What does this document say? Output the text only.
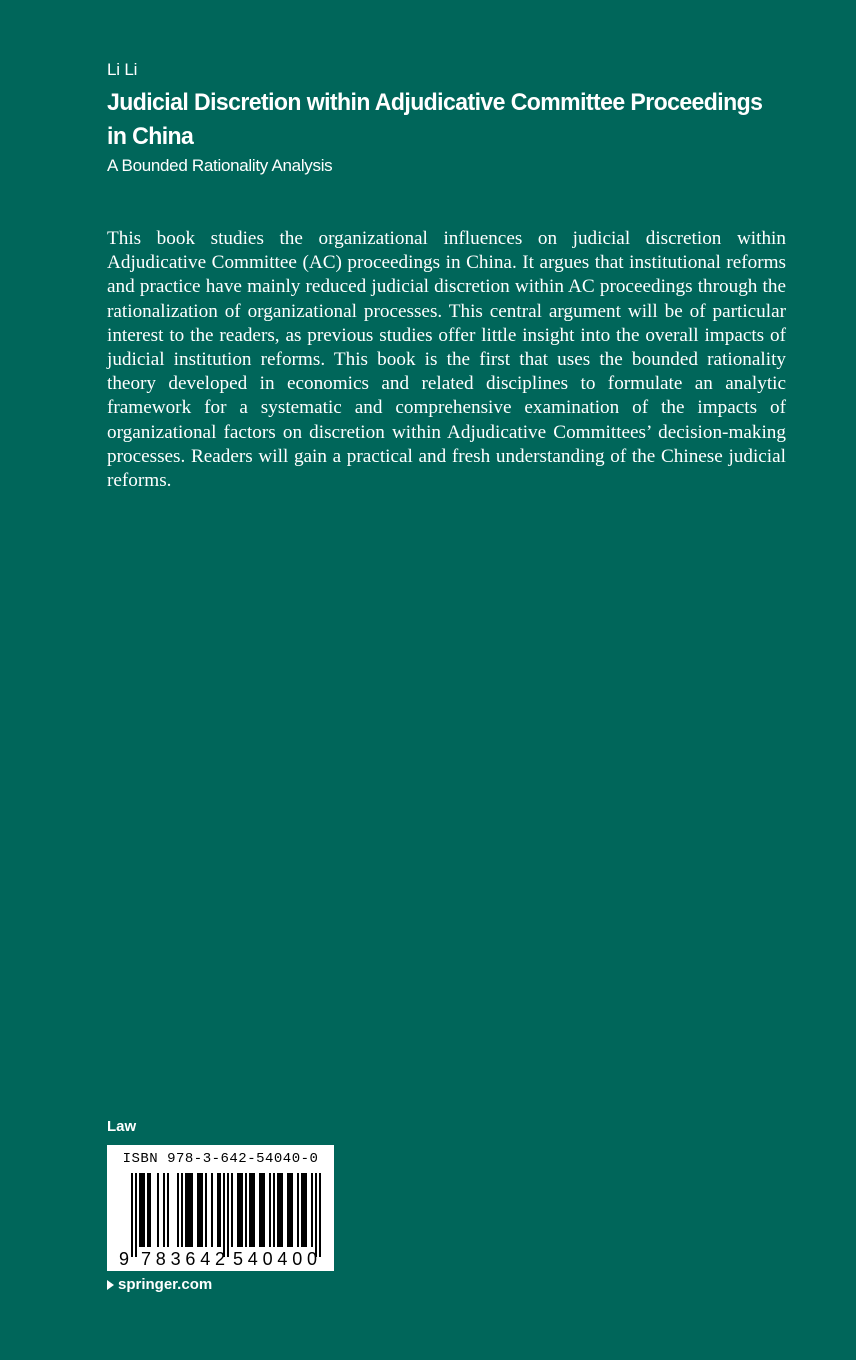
Li Li
Judicial Discretion within Adjudicative Committee Proceedings in China
A Bounded Rationality Analysis

This book studies the organizational influences on judicial discretion within Adjudicative Committee (AC) proceedings in China. It argues that institutional reforms and practice have mainly reduced judicial discretion within AC proceedings through the rationalization of organizational processes. This central argument will be of particular interest to the readers, as previous studies offer little insight into the overall impacts of judicial institution reforms. This book is the first that uses the bounded rationality theory developed in economics and related disciplines to formulate an analytic framework for a systematic and comprehensive examination of the impacts of organizational factors on discretion within Adjudicative Committees’ decision-making processes. Readers will gain a practical and fresh understanding of the Chinese judicial reforms.

Law
ISBN 978-3-642-54040-0
9 783642 540400
springer.com
